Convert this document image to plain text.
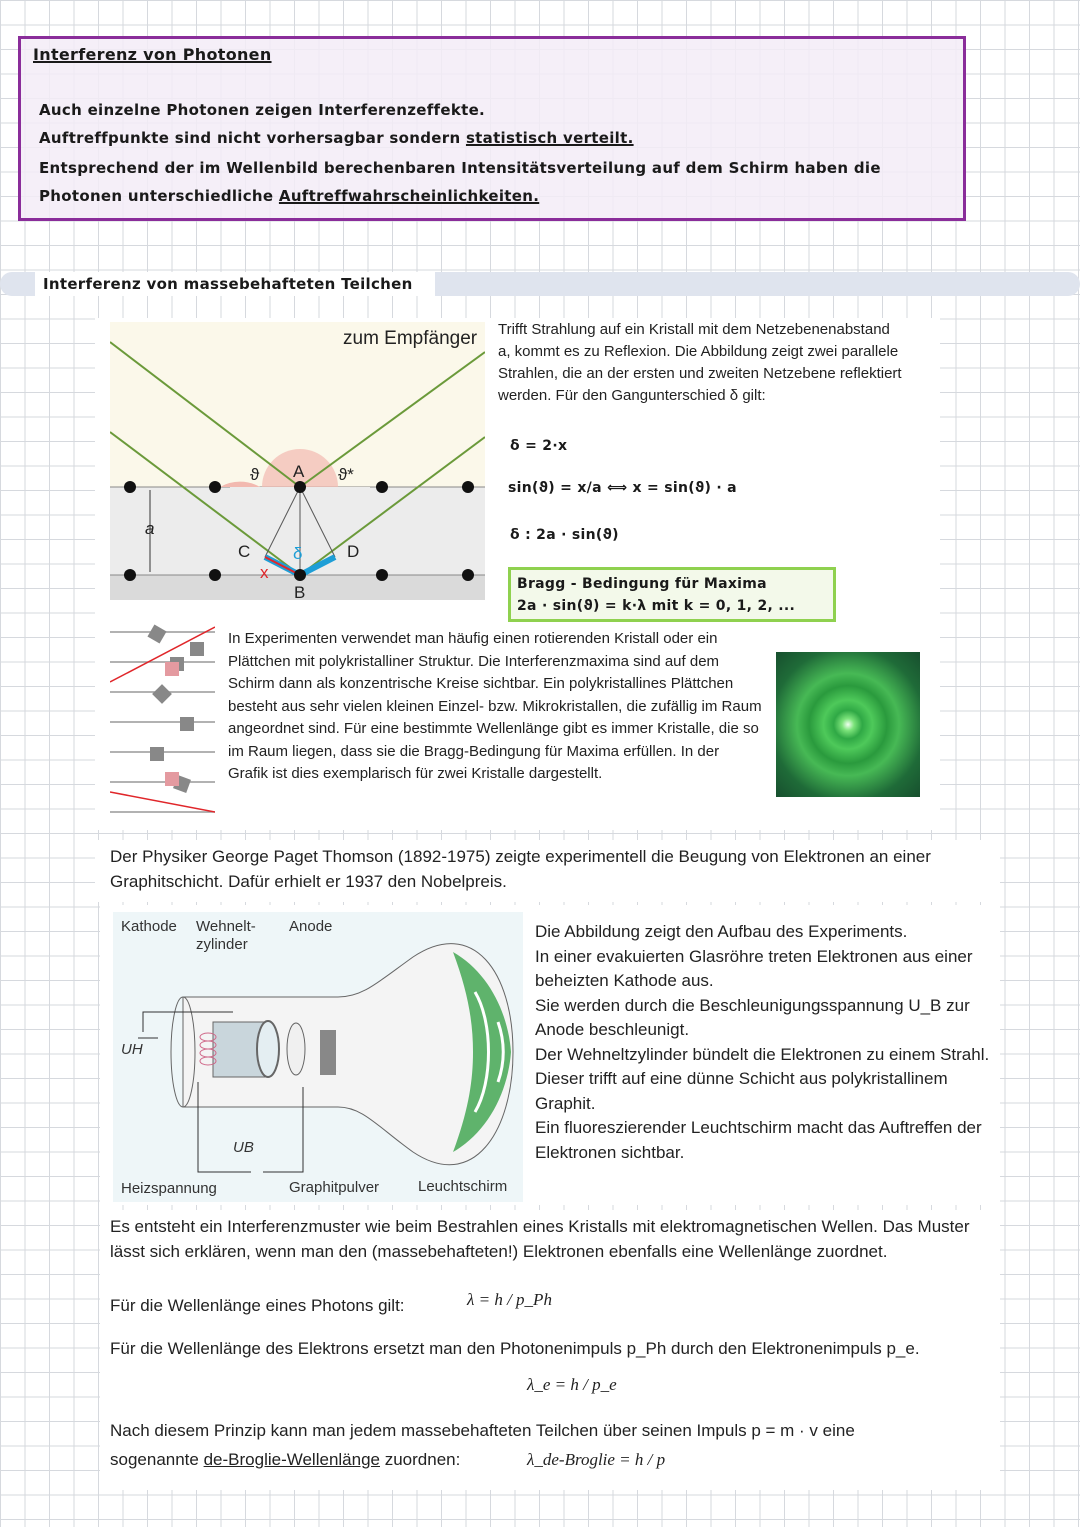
Interferenz von Photonen
Auch einzelne Photonen zeigen Interferenzeffekte.
Auftreffpunkte sind nicht vorhersagbar sondern statistisch verteilt.
Entsprechend der im Wellenbild berechenbaren Intensitätsverteilung auf dem Schirm haben die
Photonen unterschiedliche Auftreffwahrscheinlichkeiten.
Interferenz von massebehafteten Teilchen
zum Empfänger
ϑ A ϑ*
a
C	D
B
δ
x
Trifft Strahlung auf ein Kristall mit dem Netzebenenabstand a, kommt es zu Reflexion. Die Abbildung zeigt zwei parallele Strahlen, die an der ersten und zweiten Netzebene reflektiert werden. Für den Gangunterschied δ gilt:
δ = 2·x
sin(ϑ) = x/a ⟺ x = sin(ϑ) · a
δ : 2a · sin(ϑ)
Bragg - Bedingung für Maxima
2a · sin(ϑ) = k·λ mit k = 0, 1, 2, ...
In Experimenten verwendet man häufig einen rotierenden Kristall oder ein Plättchen mit polykristalliner Struktur. Die Interferenzmaxima sind auf dem Schirm dann als konzentrische Kreise sichtbar. Ein polykristallines Plättchen besteht aus sehr vielen kleinen Einzel- bzw. Mikrokristallen, die zufällig im Raum angeordnet sind. Für eine bestimmte Wellenlänge gibt es immer Kristalle, die so im Raum liegen, dass sie die Bragg-Bedingung für Maxima erfüllen. In der Grafik ist dies exemplarisch für zwei Kristalle dargestellt.
Der Physiker George Paget Thomson (1892-1975) zeigte experimentell die Beugung von Elektronen an einer Graphitschicht. Dafür erhielt er 1937 den Nobelpreis.
Kathode Wehnelt-
zylinder
Anode
UH
UB
Heizspannung	Graphitpulver	Leuchtschirm
Die Abbildung zeigt den Aufbau des Experiments.
In einer evakuierten Glasröhre treten Elektronen aus einer beheizten Kathode aus.
Sie werden durch die Beschleunigungsspannung U_B zur Anode beschleunigt.
Der Wehneltzylinder bündelt die Elektronen zu einem Strahl.
Dieser trifft auf eine dünne Schicht aus polykristallinem Graphit.
Ein fluoreszierender Leuchtschirm macht das Auftreffen der Elektronen sichtbar.
Es entsteht ein Interferenzmuster wie beim Bestrahlen eines Kristalls mit elektromagnetischen Wellen. Das Muster lässt sich erklären, wenn man den (massebehafteten!) Elektronen ebenfalls eine Wellenlänge zuordnet.
Für die Wellenlänge eines Photons gilt:	λ = h / p_Ph
Für die Wellenlänge des Elektrons ersetzt man den Photonenimpuls p_Ph durch den Elektronenimpuls p_e.
λ_e = h / p_e
Nach diesem Prinzip kann man jedem massebehafteten Teilchen über seinen Impuls p = m · v eine
sogenannte de-Broglie-Wellenlänge zuordnen:	λ_de-Broglie = h / p
